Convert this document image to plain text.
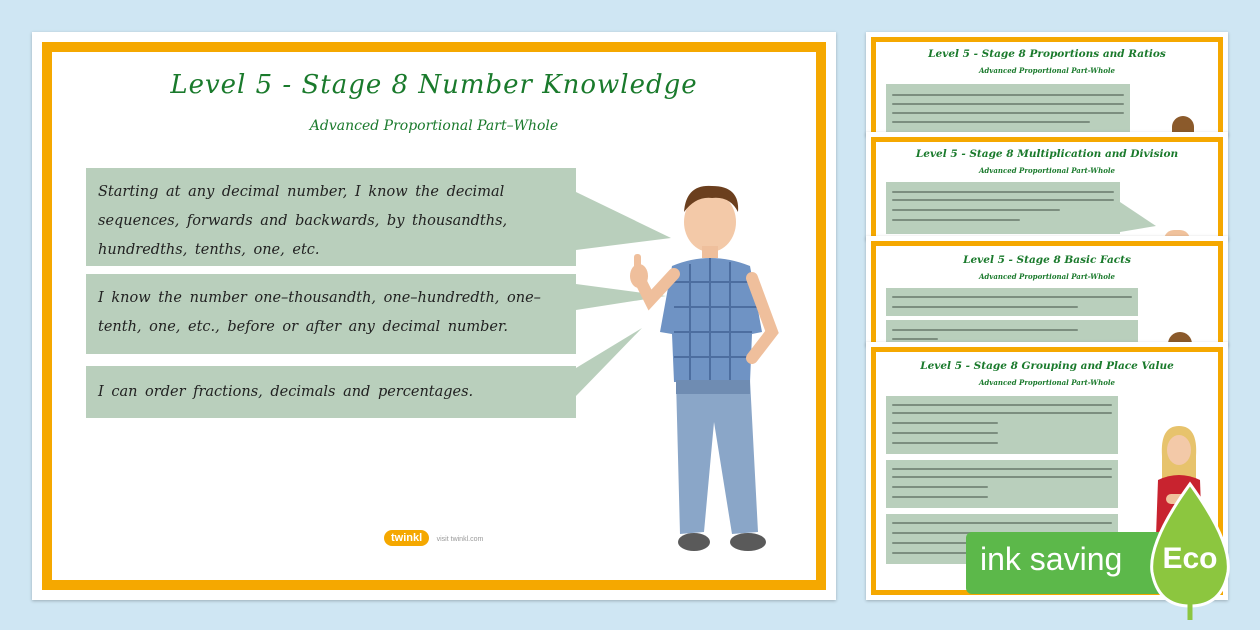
Level 5 - Stage 8 Number Knowledge
Advanced Proportional Part–Whole
Starting at any decimal number, I know the decimal sequences, forwards and backwards, by thousandths, hundredths, tenths, one, etc.
I know the number one–thousandth, one–hundredth, one–tenth, one, etc., before or after any decimal number.
I can order fractions, decimals and percentages.
twinkl visit twinkl.com
Level 5 - Stage 8 Proportions and Ratios
Advanced Proportional Part-Whole
Level 5 - Stage 8 Multiplication and Division
Advanced Proportional Part-Whole
Level 5 - Stage 8 Basic Facts
Advanced Proportional Part-Whole
Level 5 - Stage 8 Grouping and Place Value
Advanced Proportional Part-Whole
ink saving Eco
